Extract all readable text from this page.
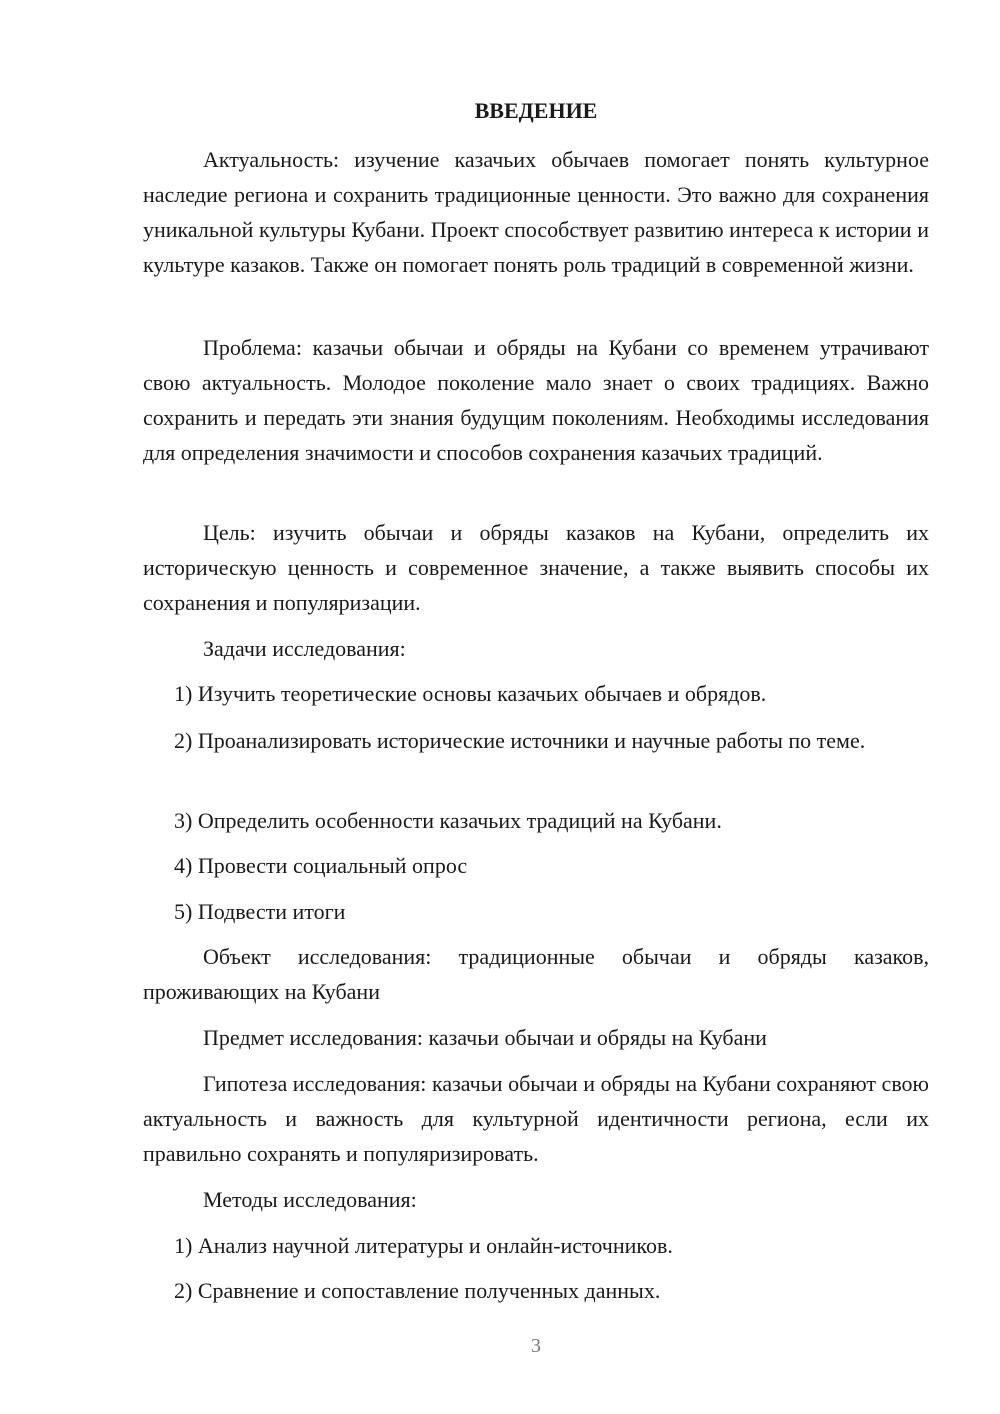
ВВЕДЕНИЕ

Актуальность: изучение казачьих обычаев помогает понять культурное наследие региона и сохранить традиционные ценности. Это важно для сохранения уникальной культуры Кубани. Проект способствует развитию интереса к истории и культуре казаков. Также он помогает понять роль традиций в современной жизни.

Проблема: казачьи обычаи и обряды на Кубани со временем утрачивают свою актуальность. Молодое поколение мало знает о своих традициях. Важно сохранить и передать эти знания будущим поколениям. Необходимы исследования для определения значимости и способов сохранения казачьих традиций.

Цель: изучить обычаи и обряды казаков на Кубани, определить их историческую ценность и современное значение, а также выявить способы их сохранения и популяризации.

Задачи исследования:

1) Изучить теоретические основы казачьих обычаев и обрядов.

2) Проанализировать исторические источники и научные работы по теме.

3) Определить особенности казачьих традиций на Кубани.

4) Провести социальный опрос

5) Подвести итоги

Объект исследования: традиционные обычаи и обряды казаков, проживающих на Кубани

Предмет исследования: казачьи обычаи и обряды на Кубани

Гипотеза исследования: казачьи обычаи и обряды на Кубани сохраняют свою актуальность и важность для культурной идентичности региона, если их правильно сохранять и популяризировать.

Методы исследования:

1) Анализ научной литературы и онлайн-источников.

2) Сравнение и сопоставление полученных данных.

3
